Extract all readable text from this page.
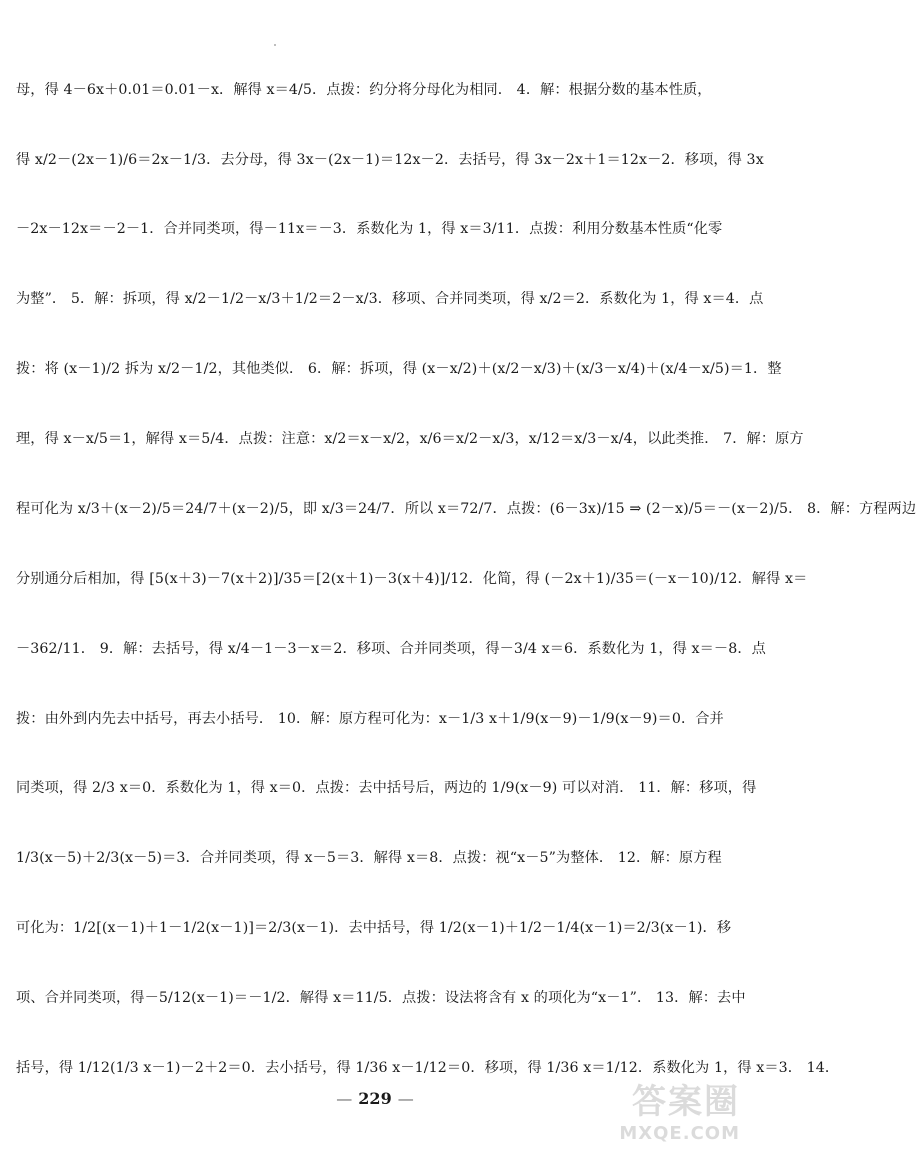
母，得 4－6x＋0.01＝0.01－x．解得 x＝4/5．点拨：约分将分母化为相同． 4．解：根据分数的基本性质，
得 x/2－(2x－1)/6＝2x－1/3．去分母，得 3x－(2x－1)＝12x－2．去括号，得 3x－2x＋1＝12x－2．移项，得 3x
－2x－12x＝－2－1．合并同类项，得－11x＝－3．系数化为 1，得 x＝3/11．点拨：利用分数基本性质“化零
为整”． 5．解：拆项，得 x/2－1/2－x/3＋1/2＝2－x/3．移项、合并同类项，得 x/2＝2．系数化为 1，得 x＝4．点
拨：将 (x－1)/2 拆为 x/2－1/2，其他类似． 6．解：拆项，得 (x－x/2)＋(x/2－x/3)＋(x/3－x/4)＋(x/4－x/5)＝1．整
理，得 x－x/5＝1，解得 x＝5/4．点拨：注意：x/2＝x－x/2，x/6＝x/2－x/3，x/12＝x/3－x/4，以此类推． 7．解：原方
程可化为 x/3＋(x－2)/5＝24/7＋(x－2)/5，即 x/3＝24/7．所以 x＝72/7．点拨：(6－3x)/15 ⇒ (2－x)/5＝－(x－2)/5． 8．解：方程两边
分别通分后相加，得 [5(x＋3)－7(x＋2)]/35＝[2(x＋1)－3(x＋4)]/12．化简，得 (－2x＋1)/35＝(－x－10)/12．解得 x＝
－362/11． 9．解：去括号，得 x/4－1－3－x＝2．移项、合并同类项，得－3/4 x＝6．系数化为 1，得 x＝－8．点
拨：由外到内先去中括号，再去小括号． 10．解：原方程可化为：x－1/3 x＋1/9(x－9)－1/9(x－9)＝0．合并
同类项，得 2/3 x＝0．系数化为 1，得 x＝0．点拨：去中括号后，两边的 1/9(x－9) 可以对消． 11．解：移项，得
1/3(x－5)＋2/3(x－5)＝3．合并同类项，得 x－5＝3．解得 x＝8．点拨：视“x－5”为整体． 12．解：原方程
可化为：1/2[(x－1)＋1－1/2(x－1)]＝2/3(x－1)．去中括号，得 1/2(x－1)＋1/2－1/4(x－1)＝2/3(x－1)．移
项、合并同类项，得－5/12(x－1)＝－1/2．解得 x＝11/5．点拨：设法将含有 x 的项化为“x－1”． 13．解：去中
括号，得 1/12(1/3 x－1)－2＋2＝0．去小括号，得 1/36 x－1/12＝0．移项，得 1/36 x＝1/12．系数化为 1，得 x＝3． 14．
— 229 —	答案圈
MXQE.COM
